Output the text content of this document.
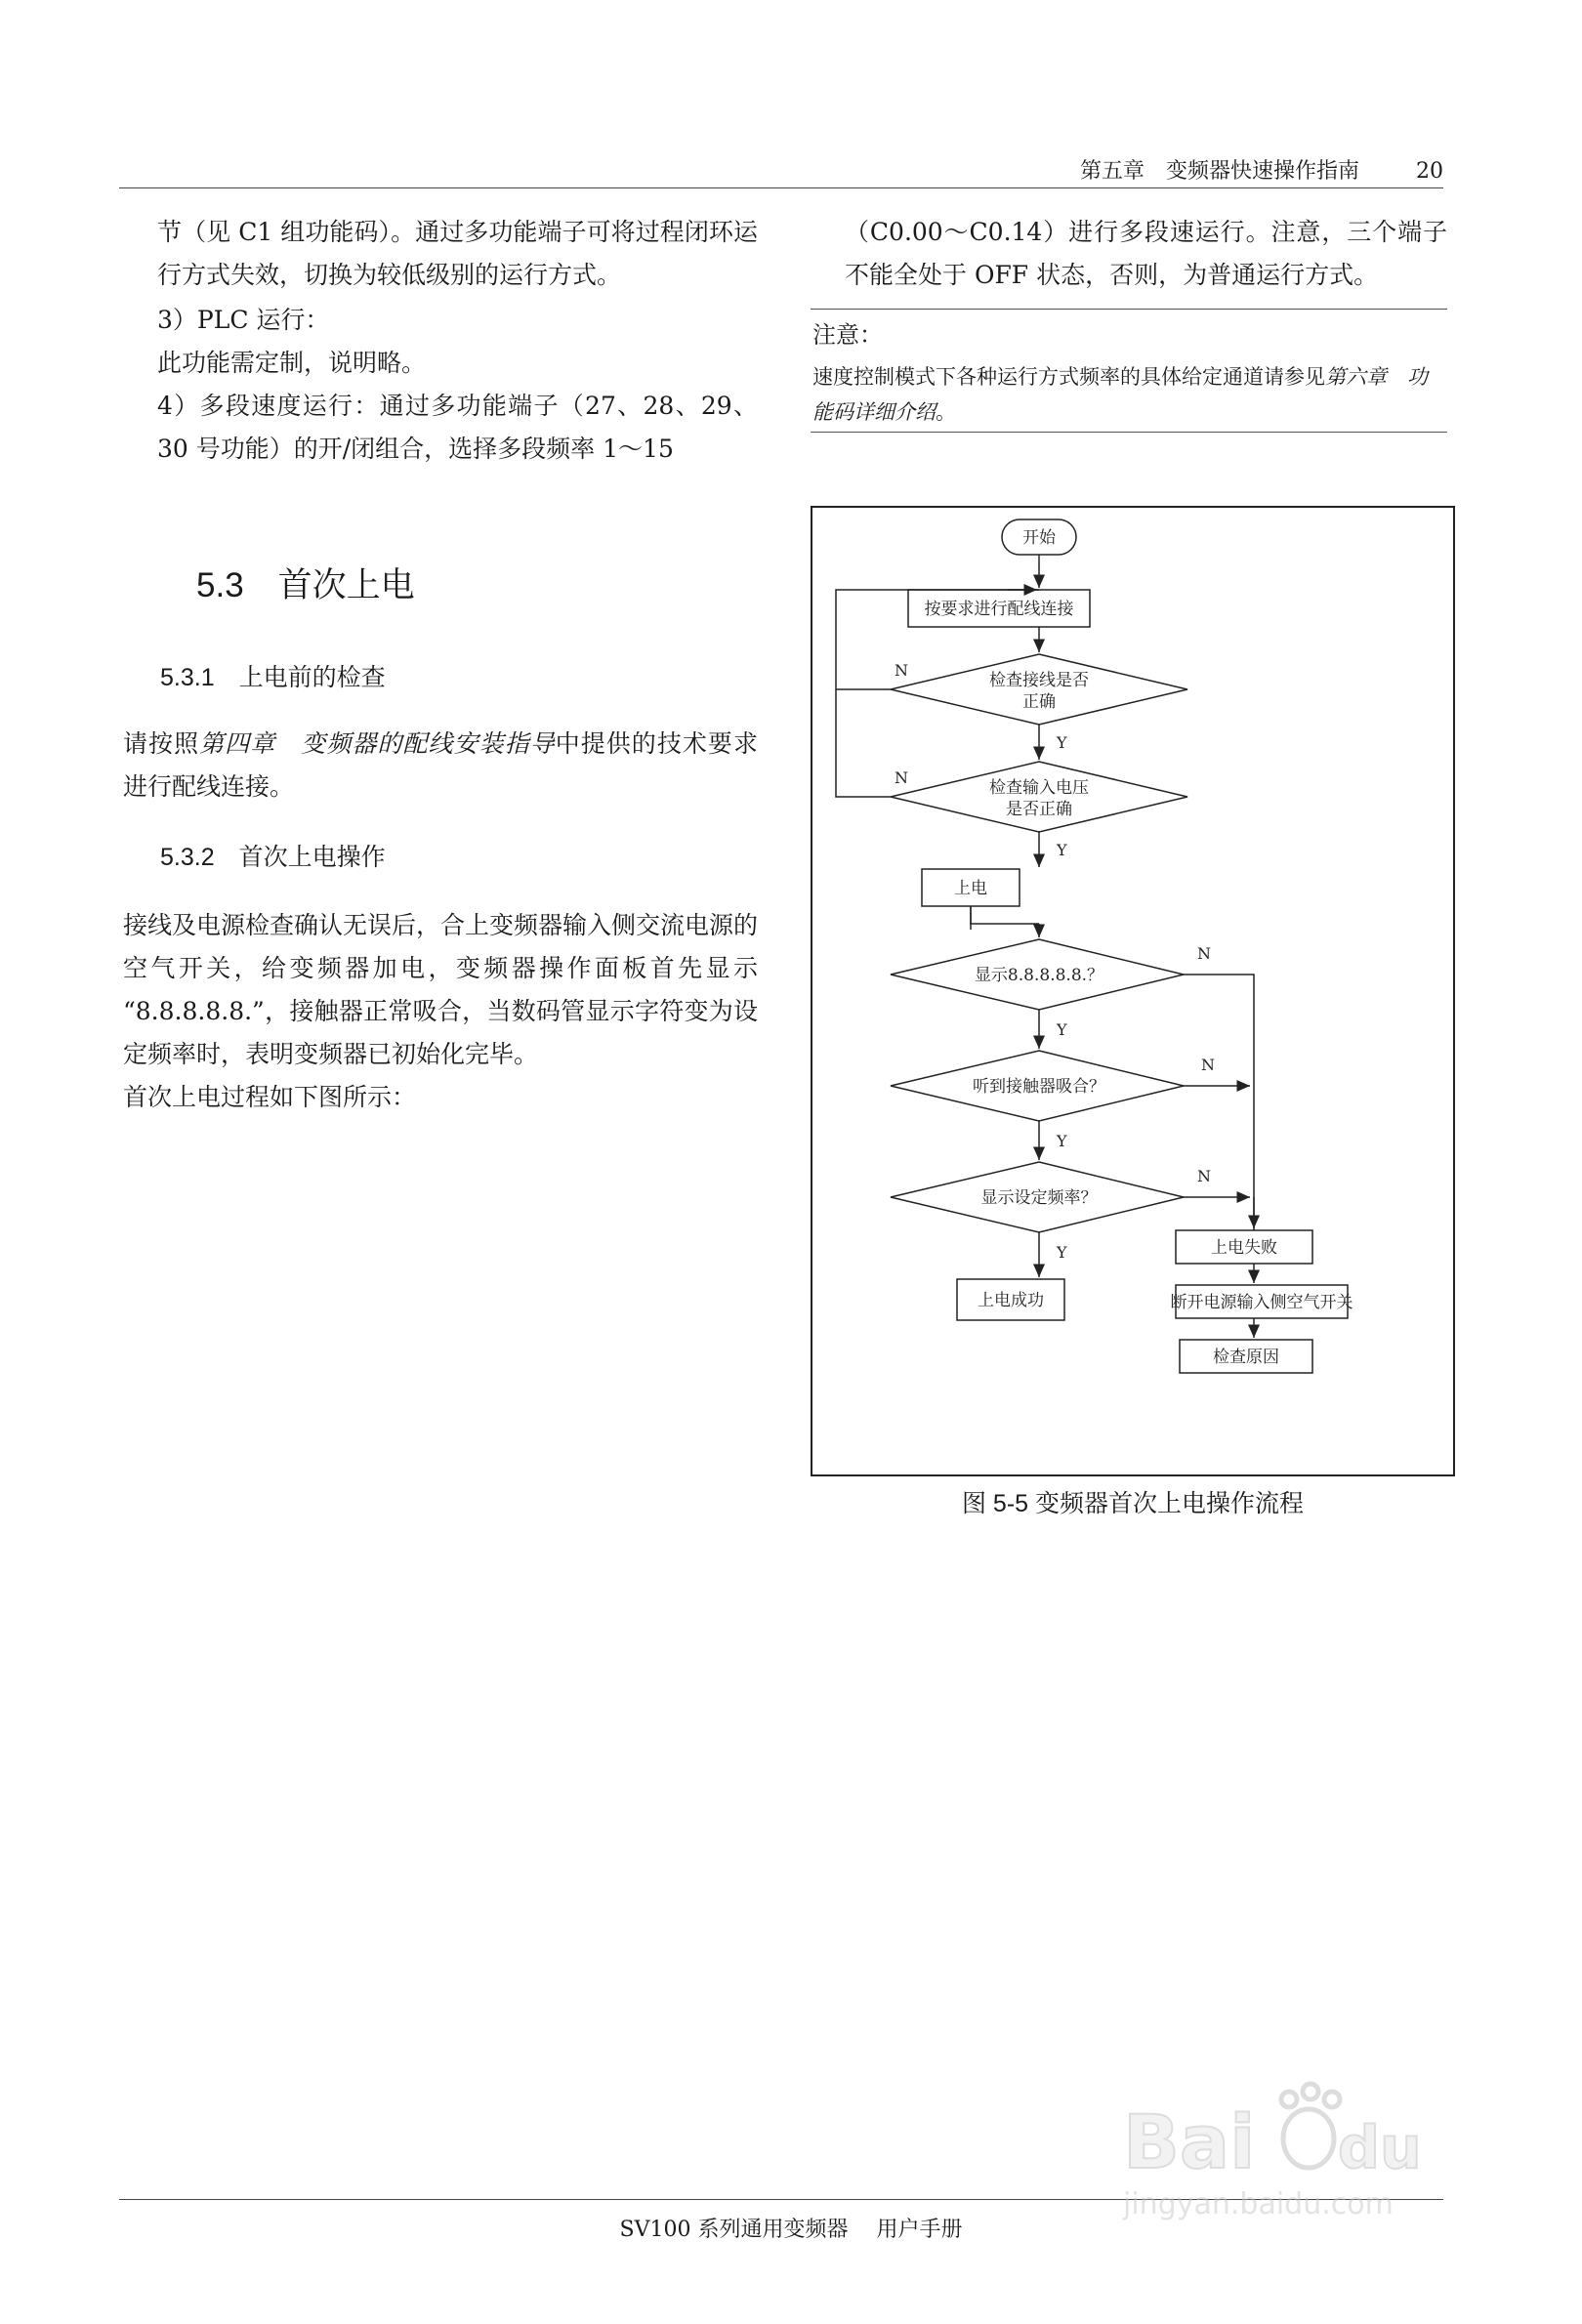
第五章　变频器快速操作指南	20

节（见 C1 组功能码）。通过多功能端子可将过程闭环运行方式失效，切换为较低级别的运行方式。

3）PLC 运行：

此功能需定制，说明略。

4）多段速度运行：通过多功能端子（27、28、29、30 号功能）的开/闭组合，选择多段频率 1～15

5.3　首次上电
5.3.1　上电前的检查

请按照第四章　变频器的配线安装指导中提供的技术要求进行配线连接。

5.3.2　首次上电操作

接线及电源检查确认无误后，合上变频器输入侧交流电源的空气开关，给变频器加电，变频器操作面板首先显示 “8.8.8.8.8.”，接触器正常吸合，当数码管显示字符变为设定频率时，表明变频器已初始化完毕。

首次上电过程如下图所示：

（C0.00～C0.14）进行多段速运行。注意，三个端子不能全处于 OFF 状态，否则，为普通运行方式。

注意：

速度控制模式下各种运行方式频率的具体给定通道请参见第六章　功能码详细介绍。

开始
按要求进行配线连接
检查接线是否
正确
检查输入电压
是否正确
上电
显示8.8.8.8.8.？
听到接触器吸合？
显示设定频率？
上电成功
上电失败
断开电源输入侧空气开关
检查原因
N
Y
N
Y
N
Y
N
Y
N
Y
图 5-5 变频器首次上电操作流程
SV100 系列通用变频器　 用户手册
Bai du
jingyan.baidu.com
